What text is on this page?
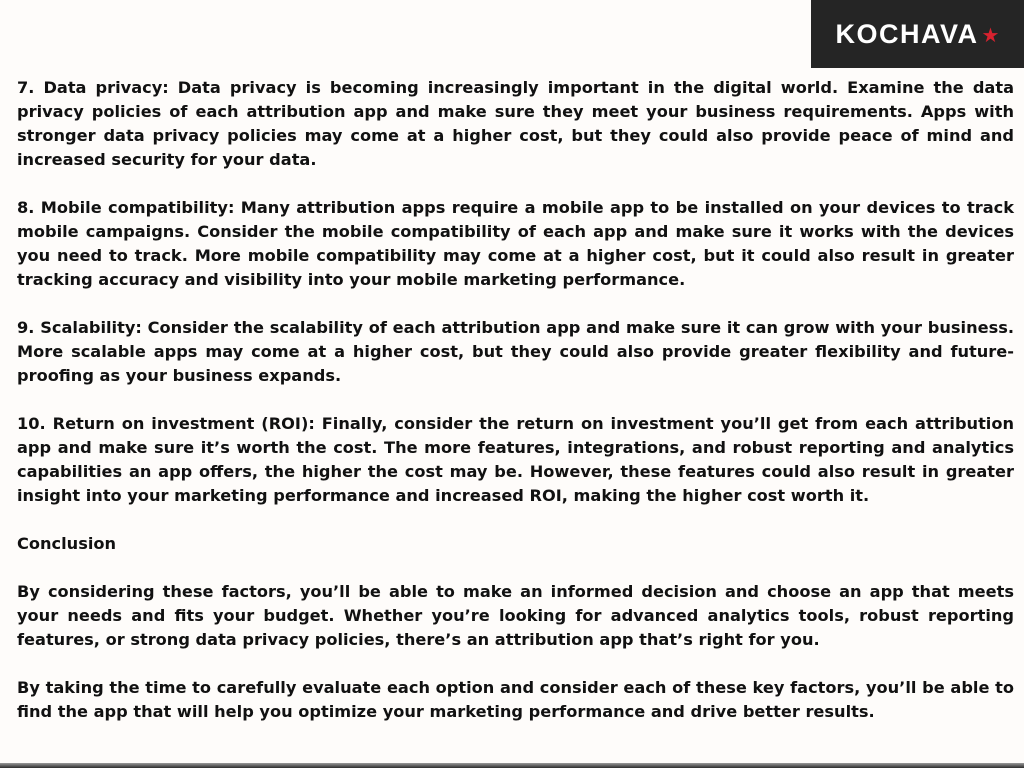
KOCHAVA ★

7. Data privacy: Data privacy is becoming increasingly important in the digital world. Examine the data privacy policies of each attribution app and make sure they meet your business requirements. Apps with stronger data privacy policies may come at a higher cost, but they could also provide peace of mind and increased security for your data.

8. Mobile compatibility: Many attribution apps require a mobile app to be installed on your devices to track mobile campaigns. Consider the mobile compatibility of each app and make sure it works with the devices you need to track. More mobile compatibility may come at a higher cost, but it could also result in greater tracking accuracy and visibility into your mobile marketing performance.

9. Scalability: Consider the scalability of each attribution app and make sure it can grow with your business. More scalable apps may come at a higher cost, but they could also provide greater flexibility and future-proofing as your business expands.

10. Return on investment (ROI): Finally, consider the return on investment you’ll get from each attribution app and make sure it’s worth the cost. The more features, integrations, and robust reporting and analytics capabilities an app offers, the higher the cost may be. However, these features could also result in greater insight into your marketing performance and increased ROI, making the higher cost worth it.

Conclusion

By considering these factors, you’ll be able to make an informed decision and choose an app that meets your needs and fits your budget. Whether you’re looking for advanced analytics tools, robust reporting features, or strong data privacy policies, there’s an attribution app that’s right for you.

By taking the time to carefully evaluate each option and consider each of these key factors, you’ll be able to find the app that will help you optimize your marketing performance and drive better results.
